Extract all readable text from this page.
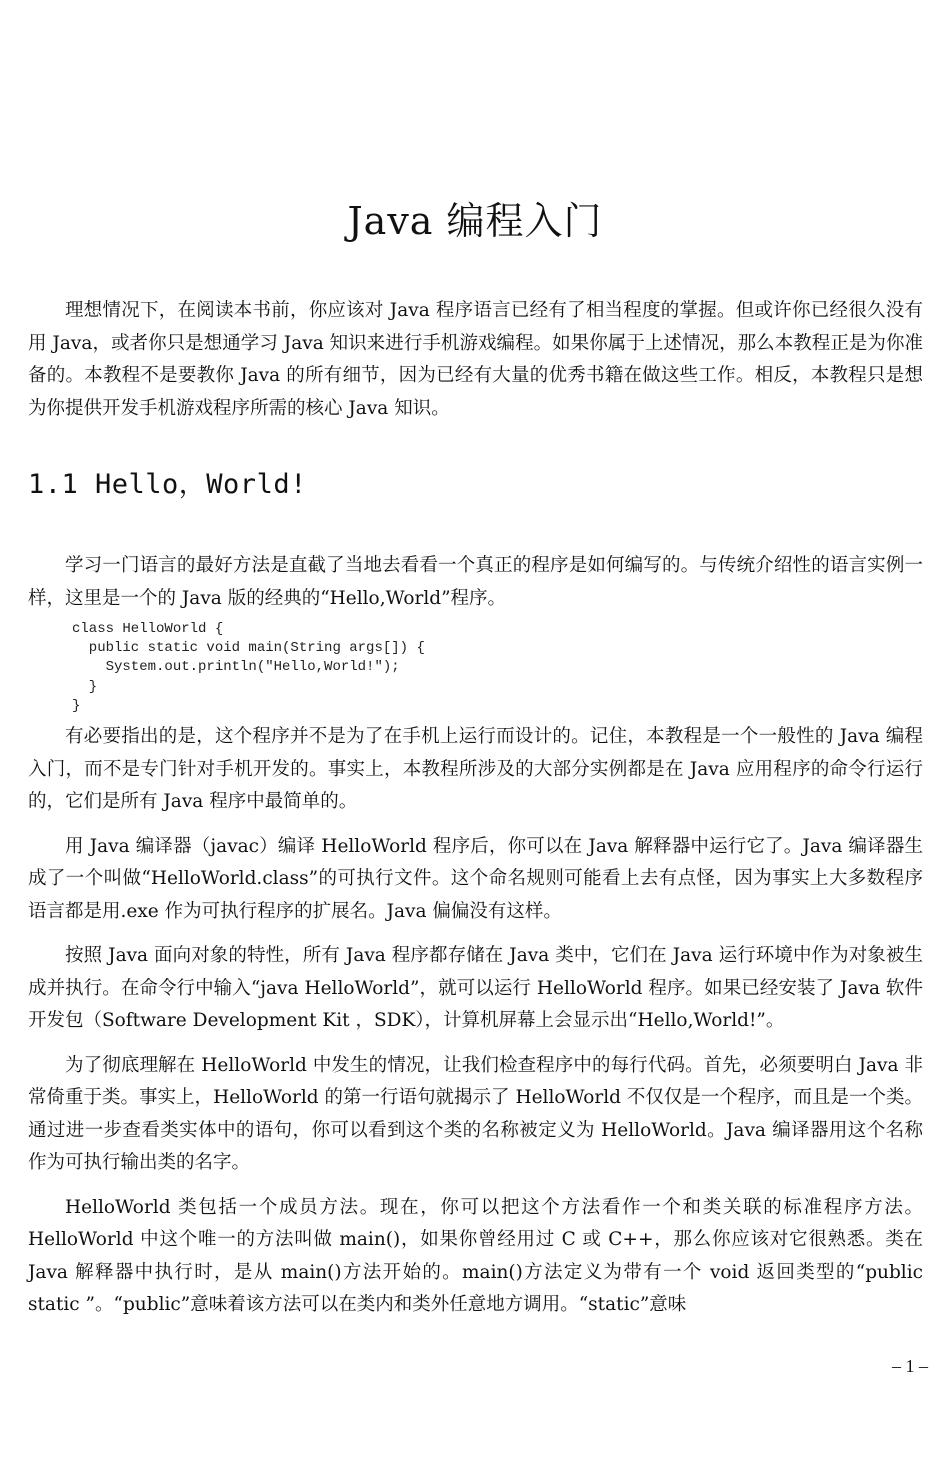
Java 编程入门

理想情况下，在阅读本书前，你应该对 Java 程序语言已经有了相当程度的掌握。但或许你已经很久没有用 Java，或者你只是想通学习 Java 知识来进行手机游戏编程。如果你属于上述情况，那么本教程正是为你准备的。本教程不是要教你 Java 的所有细节，因为已经有大量的优秀书籍在做这些工作。相反，本教程只是想为你提供开发手机游戏程序所需的核心 Java 知识。

1.1 Hello，World!

学习一门语言的最好方法是直截了当地去看看一个真正的程序是如何编写的。与传统介绍性的语言实例一样，这里是一个的 Java 版的经典的“Hello,World”程序。

class HelloWorld {
public static void main(String args[]) {
System.out.println("Hello,World!");
}
}

有必要指出的是，这个程序并不是为了在手机上运行而设计的。记住，本教程是一个一般性的 Java 编程入门，而不是专门针对手机开发的。事实上，本教程所涉及的大部分实例都是在 Java 应用程序的命令行运行的，它们是所有 Java 程序中最简单的。

用 Java 编译器（javac）编译 HelloWorld 程序后，你可以在 Java 解释器中运行它了。Java 编译器生成了一个叫做“HelloWorld.class”的可执行文件。这个命名规则可能看上去有点怪，因为事实上大多数程序语言都是用.exe 作为可执行程序的扩展名。Java 偏偏没有这样。

按照 Java 面向对象的特性，所有 Java 程序都存储在 Java 类中，它们在 Java 运行环境中作为对象被生成并执行。在命令行中输入“java HelloWorld”，就可以运行 HelloWorld 程序。如果已经安装了 Java 软件开发包（Software Development Kit ，SDK），计算机屏幕上会显示出“Hello,World!”。

为了彻底理解在 HelloWorld 中发生的情况，让我们检查程序中的每行代码。首先，必须要明白 Java 非常倚重于类。事实上，HelloWorld 的第一行语句就揭示了 HelloWorld 不仅仅是一个程序，而且是一个类。通过进一步查看类实体中的语句，你可以看到这个类的名称被定义为 HelloWorld。Java 编译器用这个名称作为可执行输出类的名字。

HelloWorld 类包括一个成员方法。现在，你可以把这个方法看作一个和类关联的标准程序方法。HelloWorld 中这个唯一的方法叫做 main()，如果你曾经用过 C 或 C++，那么你应该对它很熟悉。类在 Java 解释器中执行时，是从 main()方法开始的。main()方法定义为带有一个 void 返回类型的“public static ”。“public”意味着该方法可以在类内和类外任意地方调用。“static”意味

– 1 –
